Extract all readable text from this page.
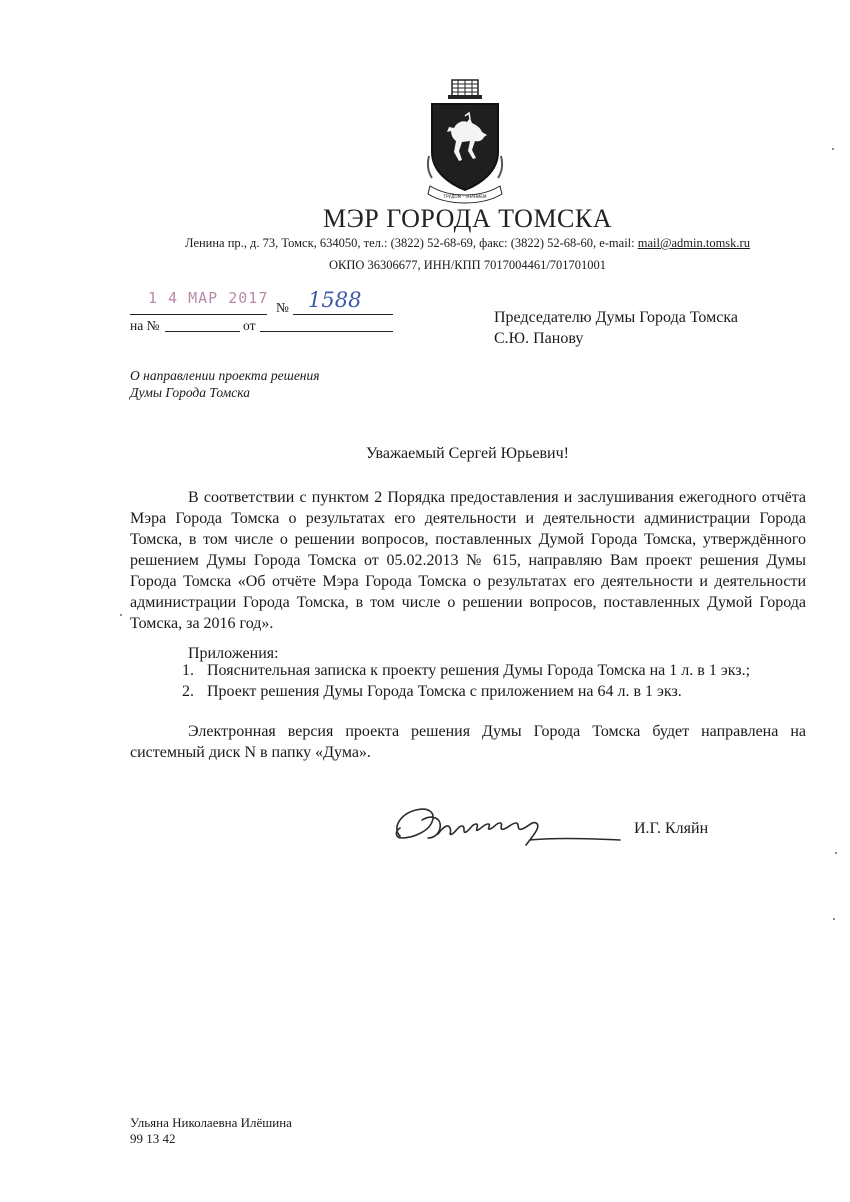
ТРУДОМ · ЗНАНИЕМ
МЭР ГОРОДА ТОМСКА
Ленина пр., д. 73, Томск, 634050, тел.: (3822) 52-68-69, факс: (3822) 52-68-60, e-mail: mail@admin.tomsk.ru
ОКПО 36306677, ИНН/КПП 7017004461/701701001
1 4 МАР 2017
№ 1588
на №	от	Председателю Думы Города Томска
С.Ю. Панову
О направлении проекта решения
Думы Города Томска
Уважаемый Сергей Юрьевич!
В соответствии с пунктом 2 Порядка предоставления и заслушивания ежегодного отчёта Мэра Города Томска о результатах его деятельности и деятельности администрации Города Томска, в том числе о решении вопросов, поставленных Думой Города Томска, утверждённого решением Думы Города Томска от 05.02.2013 № 615, направляю Вам проект решения Думы Города Томска «Об отчёте Мэра Города Томска о результатах его деятельности и деятельности администрации Города Томска, в том числе о решении вопросов, поставленных Думой Города Томска, за 2016 год».
Приложения:
1. Пояснительная записка к проекту решения Думы Города Томска на 1 л. в 1 экз.;
2. Проект решения Думы Города Томска с приложением на 64 л. в 1 экз.
Электронная версия проекта решения Думы Города Томска будет направлена на системный диск N в папку «Дума».
И.Г. Кляйн
Ульяна Николаевна Илёшина
99 13 42
